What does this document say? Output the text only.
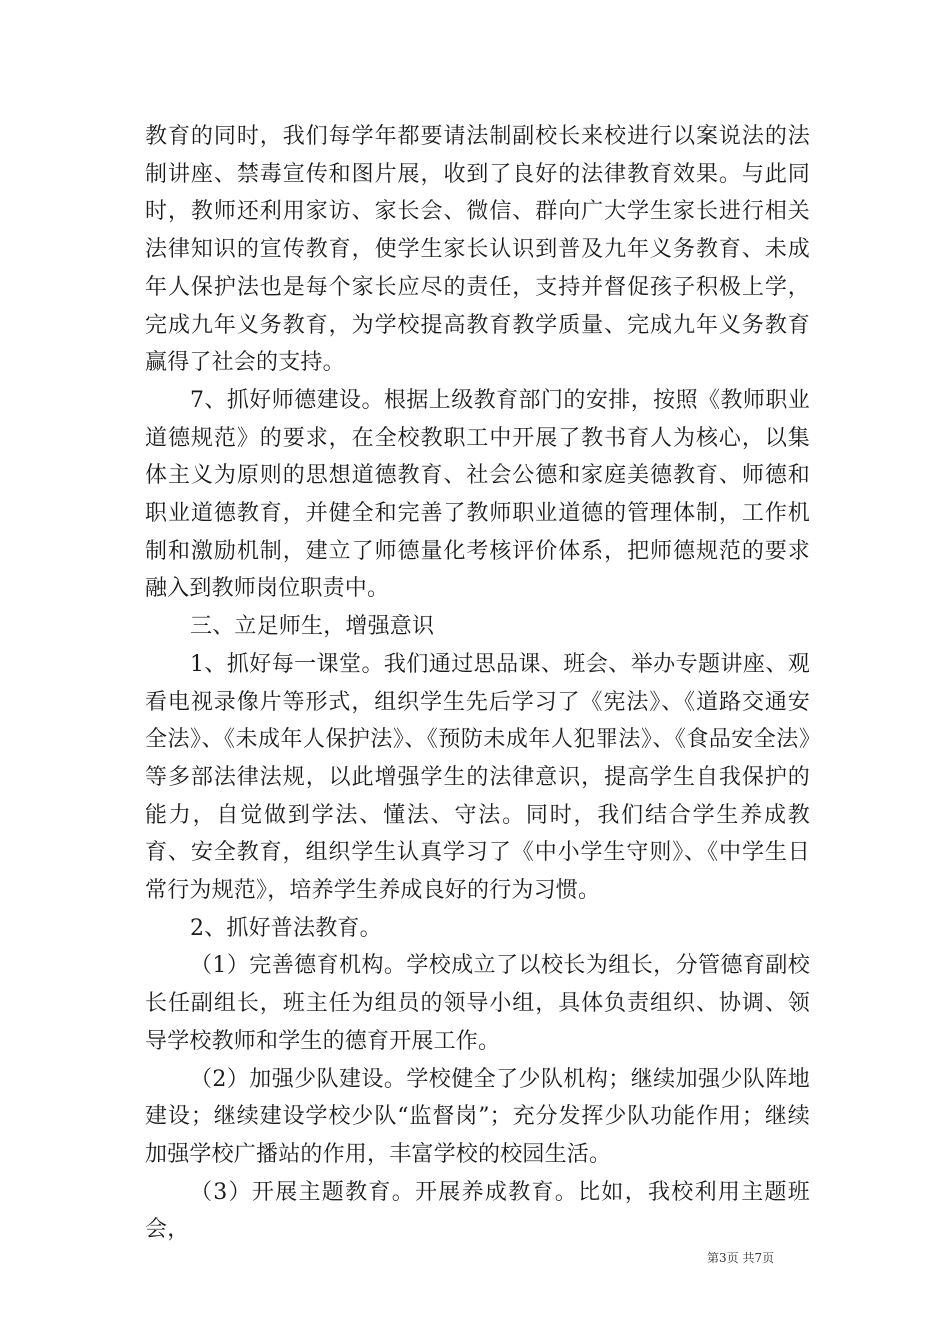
教育的同时，我们每学年都要请法制副校长来校进行以案说法的法制讲座、禁毒宣传和图片展，收到了良好的法律教育效果。与此同时，教师还利用家访、家长会、微信、群向广大学生家长进行相关法律知识的宣传教育，使学生家长认识到普及九年义务教育、未成年人保护法也是每个家长应尽的责任，支持并督促孩子积极上学，完成九年义务教育，为学校提高教育教学质量、完成九年义务教育赢得了社会的支持。

7、抓好师德建设。根据上级教育部门的安排，按照《教师职业道德规范》的要求，在全校教职工中开展了教书育人为核心，以集体主义为原则的思想道德教育、社会公德和家庭美德教育、师德和职业道德教育，并健全和完善了教师职业道德的管理体制，工作机制和激励机制，建立了师德量化考核评价体系，把师德规范的要求融入到教师岗位职责中。

三、立足师生，增强意识

1、抓好每一课堂。我们通过思品课、班会、举办专题讲座、观看电视录像片等形式，组织学生先后学习了《宪法》、《道路交通安全法》、《未成年人保护法》、《预防未成年人犯罪法》、《食品安全法》等多部法律法规，以此增强学生的法律意识，提高学生自我保护的能力，自觉做到学法、懂法、守法。同时，我们结合学生养成教育、安全教育，组织学生认真学习了《中小学生守则》、《中学生日常行为规范》，培养学生养成良好的行为习惯。

2、抓好普法教育。

（1）完善德育机构。学校成立了以校长为组长，分管德育副校长任副组长，班主任为组员的领导小组，具体负责组织、协调、领导学校教师和学生的德育开展工作。

（2）加强少队建设。学校健全了少队机构；继续加强少队阵地建设；继续建设学校少队“监督岗”；充分发挥少队功能作用；继续加强学校广播站的作用，丰富学校的校园生活。

（3）开展主题教育。开展养成教育。比如，我校利用主题班会，

第3页 共7页
